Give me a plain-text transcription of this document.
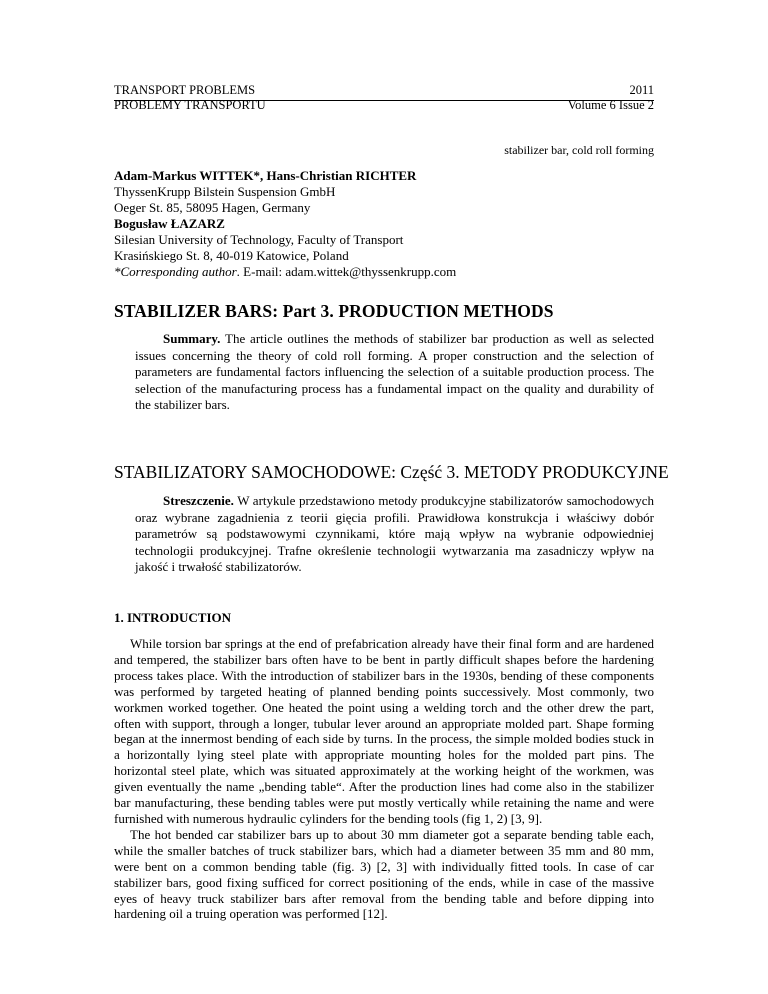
TRANSPORT PROBLEMS
PROBLEMY TRANSPORTU
2011
Volume 6 Issue 2
stabilizer bar, cold roll forming
Adam-Markus WITTEK*, Hans-Christian RICHTER
ThyssenKrupp Bilstein Suspension GmbH
Oeger St. 85, 58095 Hagen, Germany
Bogusław ŁAZARZ
Silesian University of Technology, Faculty of Transport
Krasińskiego St. 8, 40-019 Katowice, Poland
*Corresponding author. E-mail: adam.wittek@thyssenkrupp.com
STABILIZER BARS: Part 3. PRODUCTION METHODS
Summary. The article outlines the methods of stabilizer bar production as well as selected issues concerning the theory of cold roll forming. A proper construction and the selection of parameters are fundamental factors influencing the selection of a suitable production process. The selection of the manufacturing process has a fundamental impact on the quality and durability of the stabilizer bars.
STABILIZATORY SAMOCHODOWE: Część 3. METODY PRODUKCYJNE
Streszczenie. W artykule przedstawiono metody produkcyjne stabilizatorów samochodowych oraz wybrane zagadnienia z teorii gięcia profili. Prawidłowa konstrukcja i właściwy dobór parametrów są podstawowymi czynnikami, które mają wpływ na wybranie odpowiedniej technologii produkcyjnej. Trafne określenie technologii wytwarzania ma zasadniczy wpływ na jakość i trwałość stabilizatorów.
1. INTRODUCTION

While torsion bar springs at the end of prefabrication already have their final form and are hardened and tempered, the stabilizer bars often have to be bent in partly difficult shapes before the hardening process takes place. With the introduction of stabilizer bars in the 1930s, bending of these components was performed by targeted heating of planned bending points successively. Most commonly, two workmen worked together. One heated the point using a welding torch and the other drew the part, often with support, through a longer, tubular lever around an appropriate molded part. Shape forming began at the innermost bending of each side by turns. In the process, the simple molded bodies stuck in a horizontally lying steel plate with appropriate mounting holes for the molded part pins. The horizontal steel plate, which was situated approximately at the working height of the workmen, was given eventually the name „bending table“. After the production lines had come also in the stabilizer bar manufacturing, these bending tables were put mostly vertically while retaining the name and were furnished with numerous hydraulic cylinders for the bending tools (fig 1, 2) [3, 9].

The hot bended car stabilizer bars up to about 30 mm diameter got a separate bending table each, while the smaller batches of truck stabilizer bars, which had a diameter between 35 mm and 80 mm, were bent on a common bending table (fig. 3) [2, 3] with individually fitted tools. In case of car stabilizer bars, good fixing sufficed for correct positioning of the ends, while in case of the massive eyes of heavy truck stabilizer bars after removal from the bending table and before dipping into hardening oil a truing operation was performed [12].
